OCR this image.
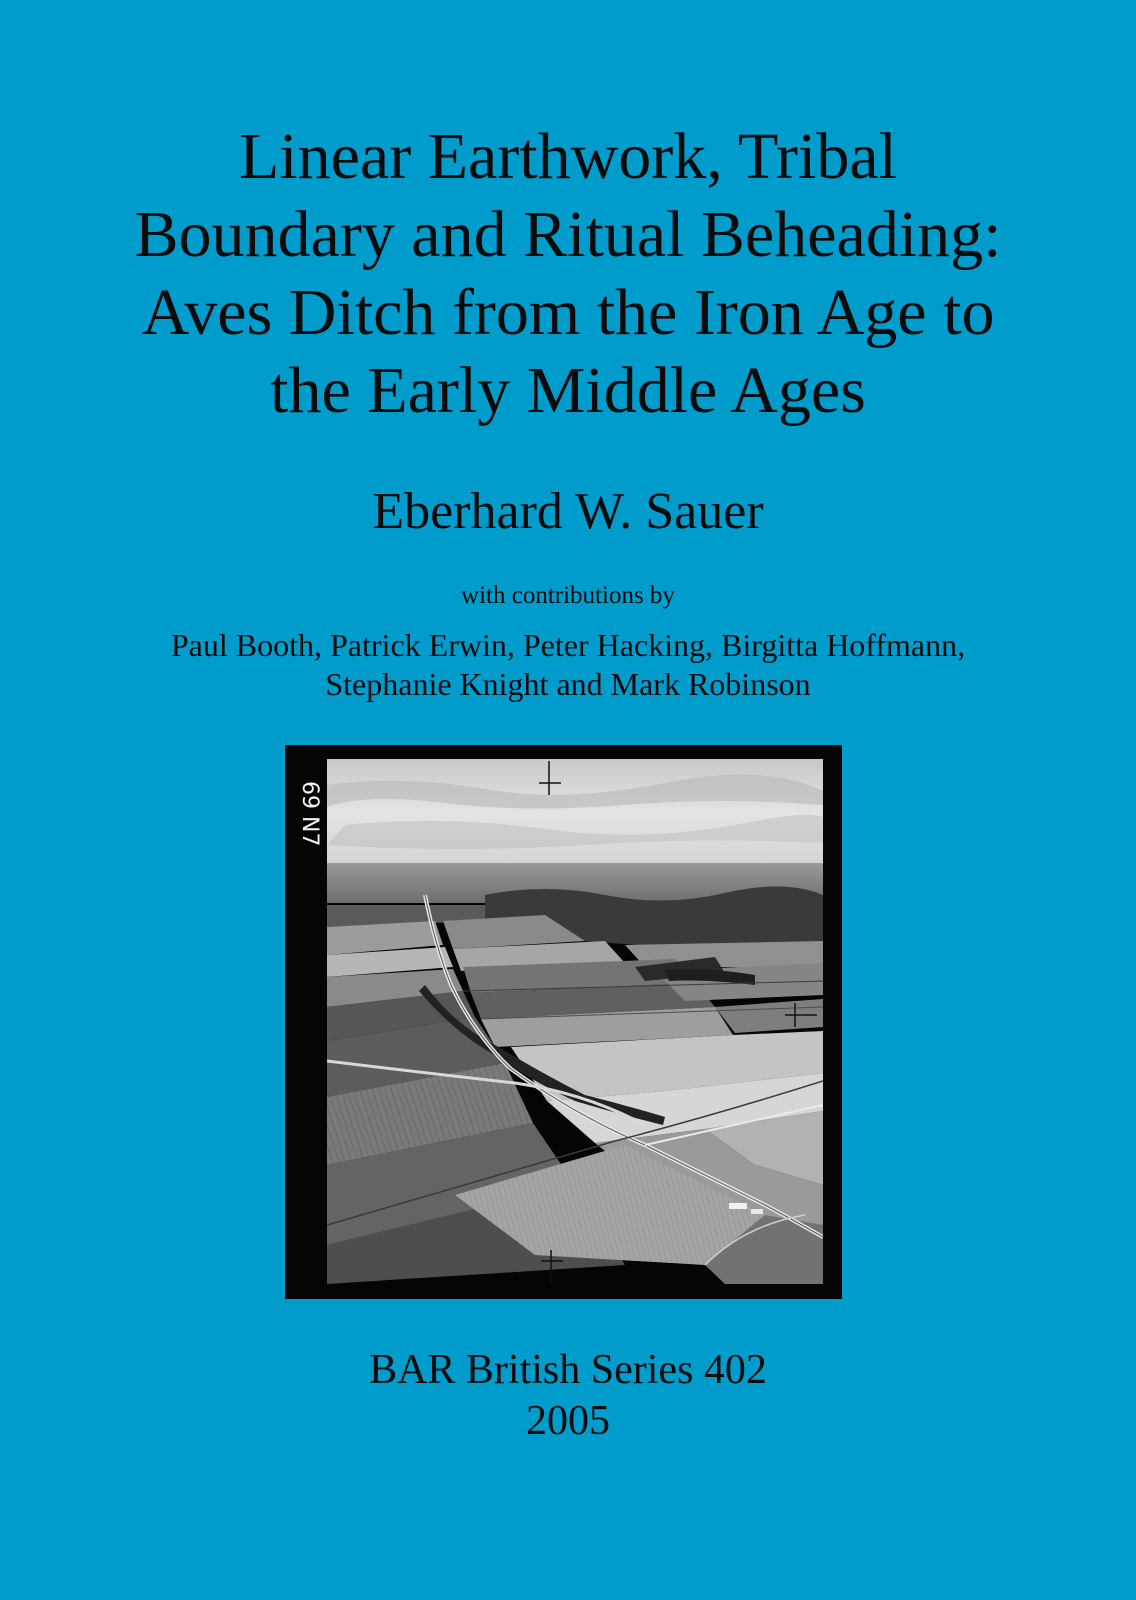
Linear Earthwork, Tribal
Boundary and Ritual Beheading:
Aves Ditch from the Iron Age to
the Early Middle Ages
Eberhard W. Sauer
with contributions by
Paul Booth, Patrick Erwin, Peter Hacking, Birgitta Hoffmann,
Stephanie Knight and Mark Robinson
69 N7
BAR British Series 402
2005
